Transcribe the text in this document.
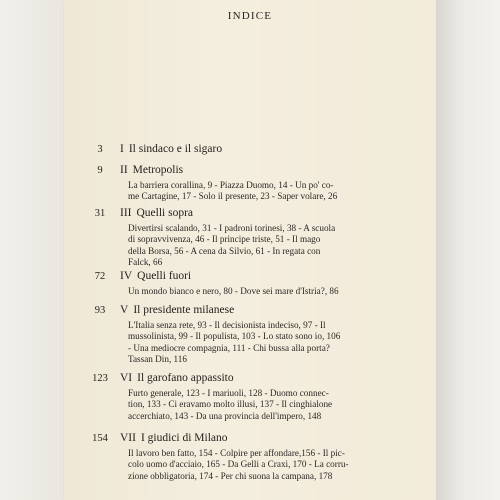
INDICE
3	I Il sindaco e il sigaro
9	II Metropolis
La barriera corallina, 9 - Piazza Duomo, 14 - Un po' co-
me Cartagine, 17 - Solo il presente, 23 - Saper volare, 26
31	III Quelli sopra
Divertirsi scalando, 31 - I padroni torinesi, 38 - A scuola
di sopravvivenza, 46 - Il principe triste, 51 - Il mago
della Borsa, 56 - A cena da Silvio, 61 - In regata con
Falck, 66
72	IV Quelli fuori
Un mondo bianco e nero, 80 - Dove sei mare d'Istria?, 86
93	V Il presidente milanese
L'Italia senza rete, 93 - Il decisionista indeciso, 97 - Il
mussolinista, 99 - Il populista, 103 - Lo stato sono io, 106
- Una mediocre compagnia, 111 - Chi bussa alla porta?
Tassan Din, 116
123	VI Il garofano appassito
Furto generale, 123 - I mariuoli, 128 - Duomo connec-
tion, 133 - Ci eravamo molto illusi, 137 - Il cinghialone
accerchiato, 143 - Da una provincia dell'impero, 148
154	VII I giudici di Milano
Il lavoro ben fatto, 154 - Colpire per affondare,156 - Il pic-
colo uomo d'acciaio, 165 - Da Gelli a Craxi, 170 - La corru-
zione obbligatoria, 174 - Per chi suona la campana, 178
